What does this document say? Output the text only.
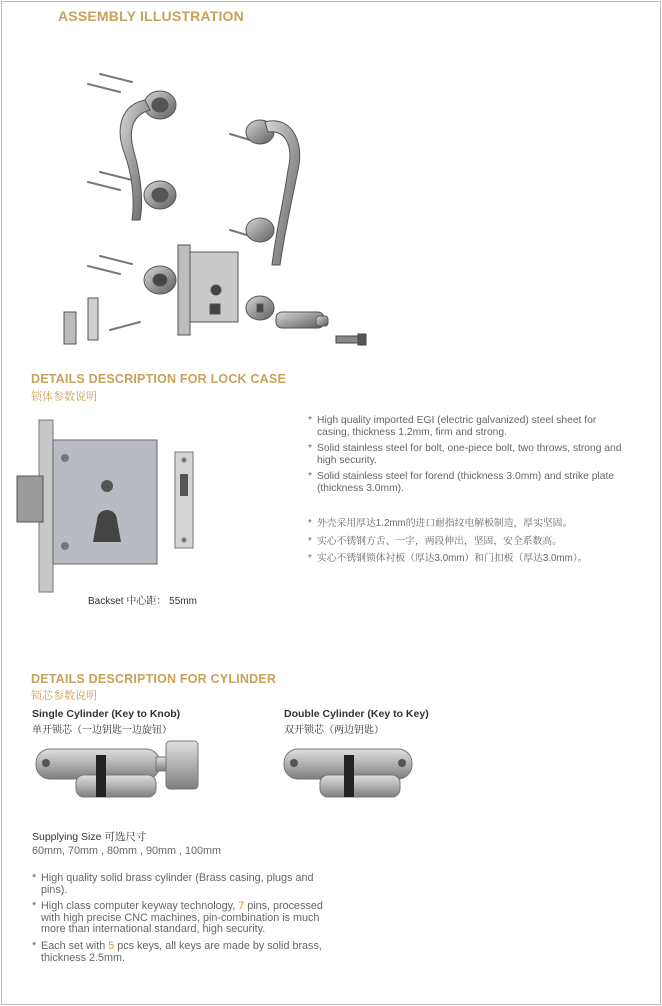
ASSEMBLY ILLUSTRATION
DETAILS DESCRIPTION FOR LOCK CASE
锁体参数说明
Backset 中心距： 55mm
* High quality imported EGI (electric galvanized) steel sheet for casing, thickness 1.2mm, firm and strong.
* Solid stainless steel for bolt, one-piece bolt, two throws, strong and high security.
* Solid stainless steel for forend (thickness 3.0mm) and strike plate (thickness 3.0mm).
* 外壳采用厚达1.2mm的进口耐指纹电解板制造，厚实坚固。
* 实心不锈钢方舌、一字，两段伸出，坚固，安全系数高。
* 实心不锈钢锁体衬板（厚达3.0mm）和门扣板（厚达3.0mm）。
DETAILS DESCRIPTION FOR CYLINDER
锁芯参数说明
Single Cylinder (Key to Knob)
单开锁芯（一边钥匙一边旋钮）
Double Cylinder (Key to Key)
双开锁芯（两边钥匙）
Supplying Size 可选尺寸
60mm, 70mm , 80mm , 90mm , 100mm
* High quality solid brass cylinder (Brass casing, plugs and pins).
* High class computer keyway technology, 7 pins, processed with high precise CNC machines, pin-combination is much more than international standard, high security.
* Each set with 5 pcs keys, all keys are made by solid brass, thickness 2.5mm.
